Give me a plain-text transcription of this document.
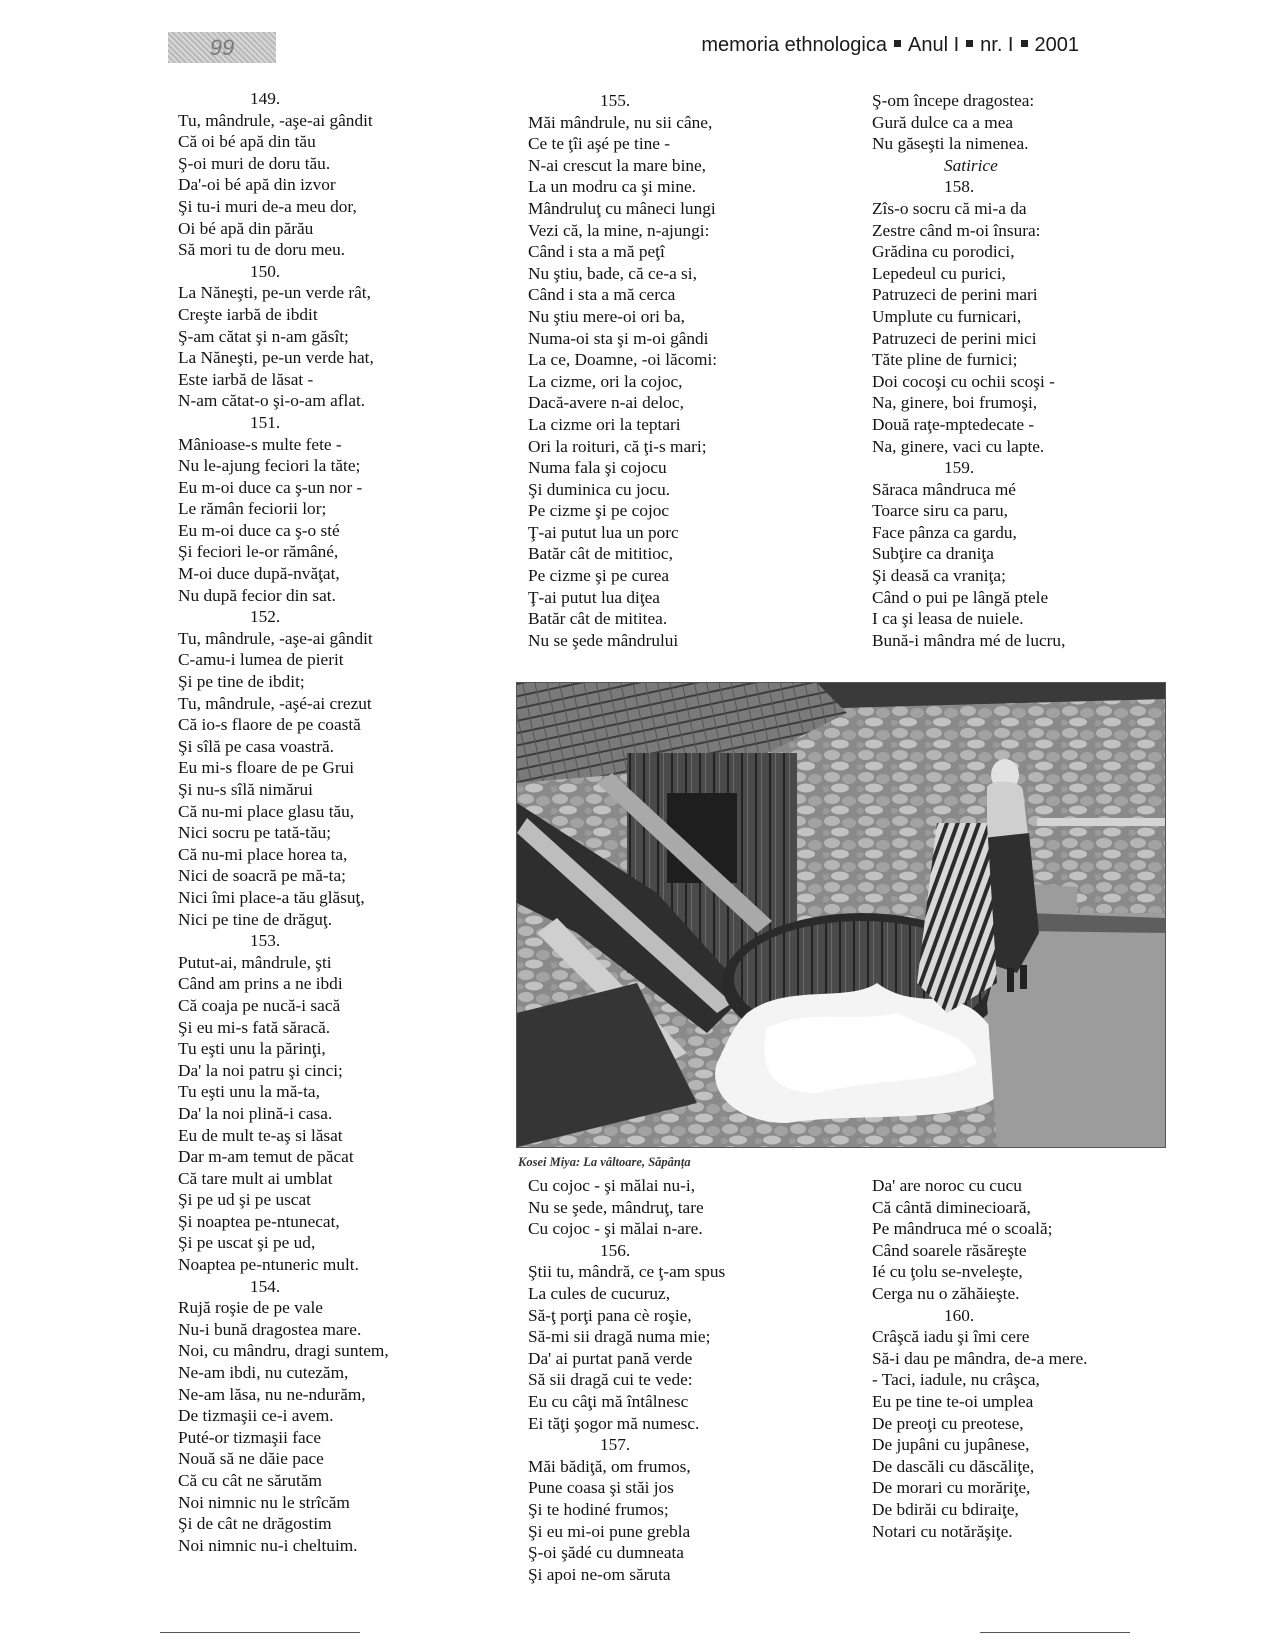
99	memoria ethnologica Anul I nr. I 2001
149.
Tu, mândrule, -aşe-ai gândit
Că oi bé apă din tău
Ş-oi muri de doru tău.
Da'-oi bé apă din izvor
Şi tu-i muri de-a meu dor,
Oi bé apă din părău
Să mori tu de doru meu.
150.
La Năneşti, pe-un verde rât,
Creşte iarbă de ibdit
Ş-am cătat şi n-am găsît;
La Năneşti, pe-un verde hat,
Este iarbă de lăsat -
N-am cătat-o şi-o-am aflat.
151.
Mânioase-s multe fete -
Nu le-ajung feciori la tăte;
Eu m-oi duce ca ş-un nor -
Le rămân feciorii lor;
Eu m-oi duce ca ş-o sté
Şi feciori le-or rămâné,
M-oi duce după-nvăţat,
Nu după fecior din sat.
152.
Tu, mândrule, -aşe-ai gândit
C-amu-i lumea de pierit
Şi pe tine de ibdit;
Tu, mândrule, -aşé-ai crezut
Că io-s flaore de pe coastă
Şi sîlă pe casa voastră.
Eu mi-s floare de pe Grui
Şi nu-s sîlă nimărui
Că nu-mi place glasu tău,
Nici socru pe tată-tău;
Că nu-mi place horea ta,
Nici de soacră pe mă-ta;
Nici îmi place-a tău glăsuţ,
Nici pe tine de drăguţ.
153.
Putut-ai, mândrule, şti
Când am prins a ne ibdi
Că coaja pe nucă-i sacă
Şi eu mi-s fată săracă.
Tu eşti unu la părinţi,
Da' la noi patru şi cinci;
Tu eşti unu la mă-ta,
Da' la noi plină-i casa.
Eu de mult te-aş si lăsat
Dar m-am temut de păcat
Că tare mult ai umblat
Şi pe ud şi pe uscat
Şi noaptea pe-ntunecat,
Şi pe uscat şi pe ud,
Noaptea pe-ntuneric mult.
154.
Rujă roşie de pe vale
Nu-i bună dragostea mare.
Noi, cu mândru, dragi suntem,
Ne-am ibdi, nu cutezăm,
Ne-am lăsa, nu ne-ndurăm,
De tizmaşii ce-i avem.
Puté-or tizmaşii face
Nouă să ne dăie pace
Că cu cât ne sărutăm
Noi nimnic nu le strîcăm
Şi de cât ne drăgostim
Noi nimnic nu-i cheltuim.
155.
Măi mândrule, nu sii câne,
Ce te ţîi aşé pe tine -
N-ai crescut la mare bine,
La un modru ca şi mine.
Mândruluţ cu mâneci lungi
Vezi că, la mine, n-ajungi:
Când i sta a mă peţî
Nu ştiu, bade, că ce-a si,
Când i sta a mă cerca
Nu ştiu mere-oi ori ba,
Numa-oi sta şi m-oi gândi
La ce, Doamne, -oi lăcomi:
La cizme, ori la cojoc,
Dacă-avere n-ai deloc,
La cizme ori la teptari
Ori la roituri, că ţi-s mari;
Numa fala şi cojocu
Şi duminica cu jocu.
Pe cizme şi pe cojoc
Ţ-ai putut lua un porc
Batăr cât de mititioc,
Pe cizme şi pe curea
Ţ-ai putut lua diţea
Batăr cât de mititea.
Nu se şede mândrului
Ş-om începe dragostea:
Gură dulce ca a mea
Nu găseşti la nimenea.
Satirice
158.
Zîs-o socru că mi-a da
Zestre când m-oi însura:
Grădina cu porodici,
Lepedeul cu purici,
Patruzeci de perini mari
Umplute cu furnicari,
Patruzeci de perini mici
Tăte pline de furnici;
Doi cocoşi cu ochii scoşi -
Na, ginere, boi frumoşi,
Două raţe-mptedecate -
Na, ginere, vaci cu lapte.
159.
Săraca mândruca mé
Toarce siru ca paru,
Face pânza ca gardu,
Subţire ca draniţa
Şi deasă ca vraniţa;
Când o pui pe lângă ptele
I ca şi leasa de nuiele.
Bună-i mândra mé de lucru,
Kosei Miya: La vâltoare, Săpânța
Cu cojoc - şi mălai nu-i,
Nu se şede, mândruţ, tare
Cu cojoc - şi mălai n-are.
156.
Ştii tu, mândră, ce ţ-am spus
La cules de cucuruz,
Să-ţ porţi pana cè roşie,
Să-mi sii dragă numa mie;
Da' ai purtat pană verde
Să sii dragă cui te vede:
Eu cu câţi mă întâlnesc
Ei tăţi şogor mă numesc.
157.
Măi bădiţă, om frumos,
Pune coasa şi stăi jos
Şi te hodiné frumos;
Şi eu mi-oi pune grebla
Ş-oi şădé cu dumneata
Şi apoi ne-om săruta
Da' are noroc cu cucu
Că cântă diminecioară,
Pe mândruca mé o scoală;
Când soarele răsăreşte
Ié cu ţolu se-nveleşte,
Cerga nu o zăhăieşte.
160.
Crâşcă iadu şi îmi cere
Să-i dau pe mândra, de-a mere.
- Taci, iadule, nu crâşca,
Eu pe tine te-oi umplea
De preoţi cu preotese,
De jupâni cu jupânese,
De dascăli cu dăscăliţe,
De morari cu morăriţe,
De bdirăi cu bdiraiţe,
Notari cu notărăşiţe.
